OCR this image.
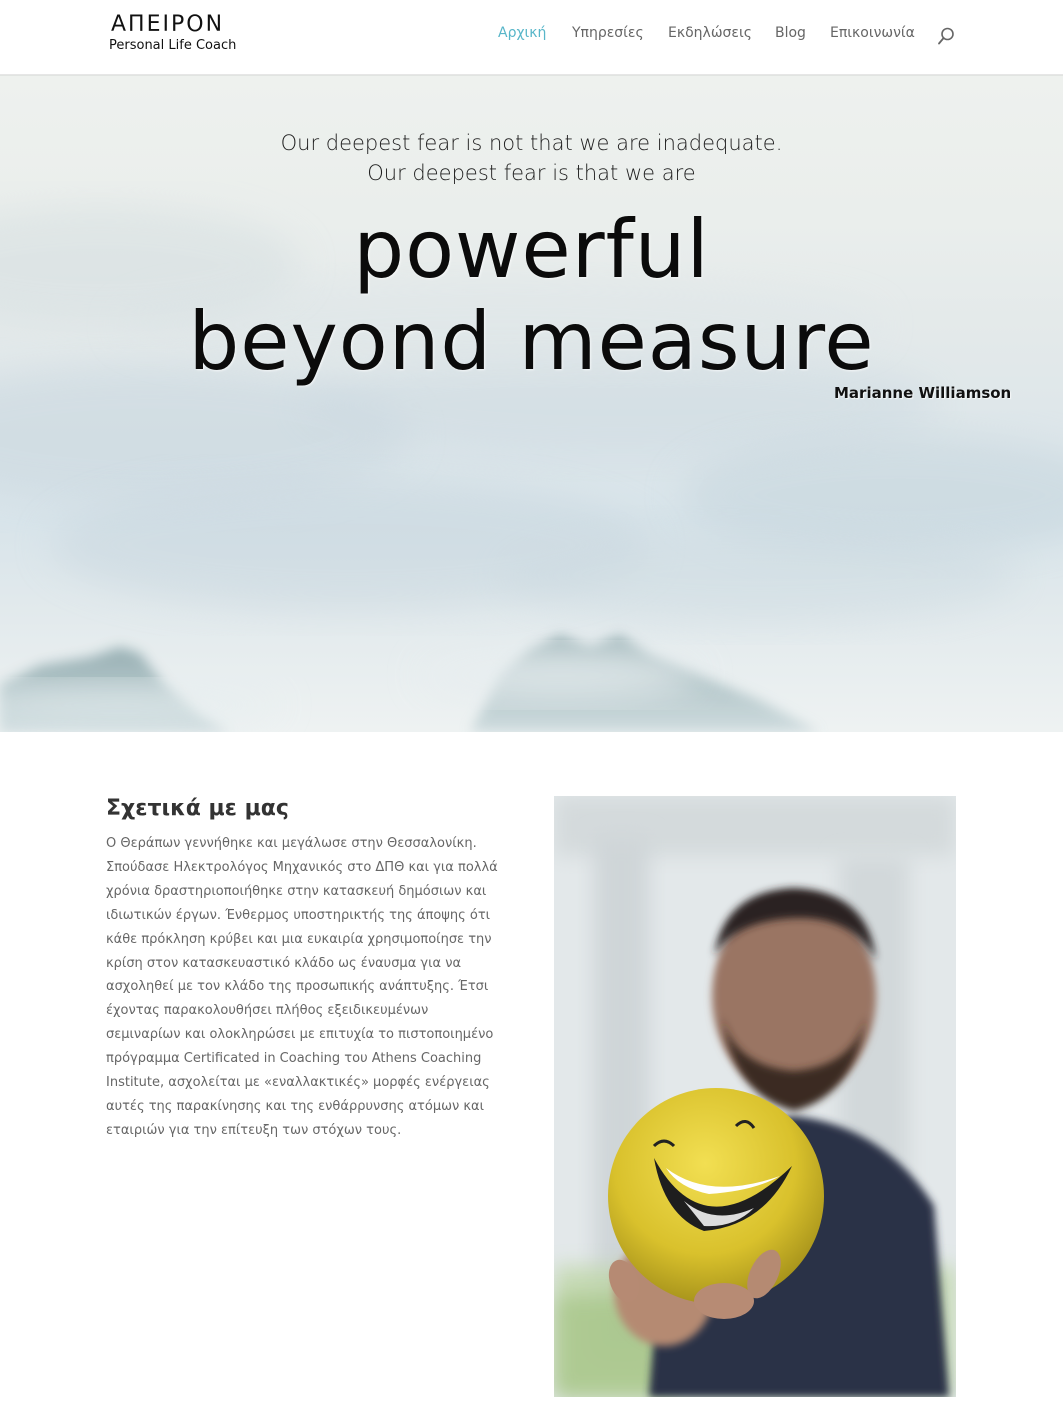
ΑΠΕΙΡΟΝ
Personal Life Coach
Αρχική Υπηρεσίες Εκδηλώσεις Blog Επικοινωνία
Our deepest fear is not that we are inadequate.
Our deepest fear is that we are
powerful
beyond measure
Marianne Williamson
Σχετικά με μας
Ο Θεράπων γεννήθηκε και μεγάλωσε στην Θεσσαλονίκη.
Σπούδασε Ηλεκτρολόγος Μηχανικός στο ΔΠΘ και για πολλά
χρόνια δραστηριοποιήθηκε στην κατασκευή δημόσιων και
ιδιωτικών έργων. Ένθερμος υποστηρικτής της άποψης ότι
κάθε πρόκληση κρύβει και μια ευκαιρία χρησιμοποίησε την
κρίση στον κατασκευαστικό κλάδο ως έναυσμα για να
ασχοληθεί με τον κλάδο της προσωπικής ανάπτυξης. Έτσι
έχοντας παρακολουθήσει πλήθος εξειδικευμένων
σεμιναρίων και ολοκληρώσει με επιτυχία το πιστοποιημένο
πρόγραμμα Certificated in Coaching του Athens Coaching
Institute, ασχολείται με «εναλλακτικές» μορφές ενέργειας
αυτές της παρακίνησης και της ενθάρρυνσης ατόμων και
εταιριών για την επίτευξη των στόχων τους.
